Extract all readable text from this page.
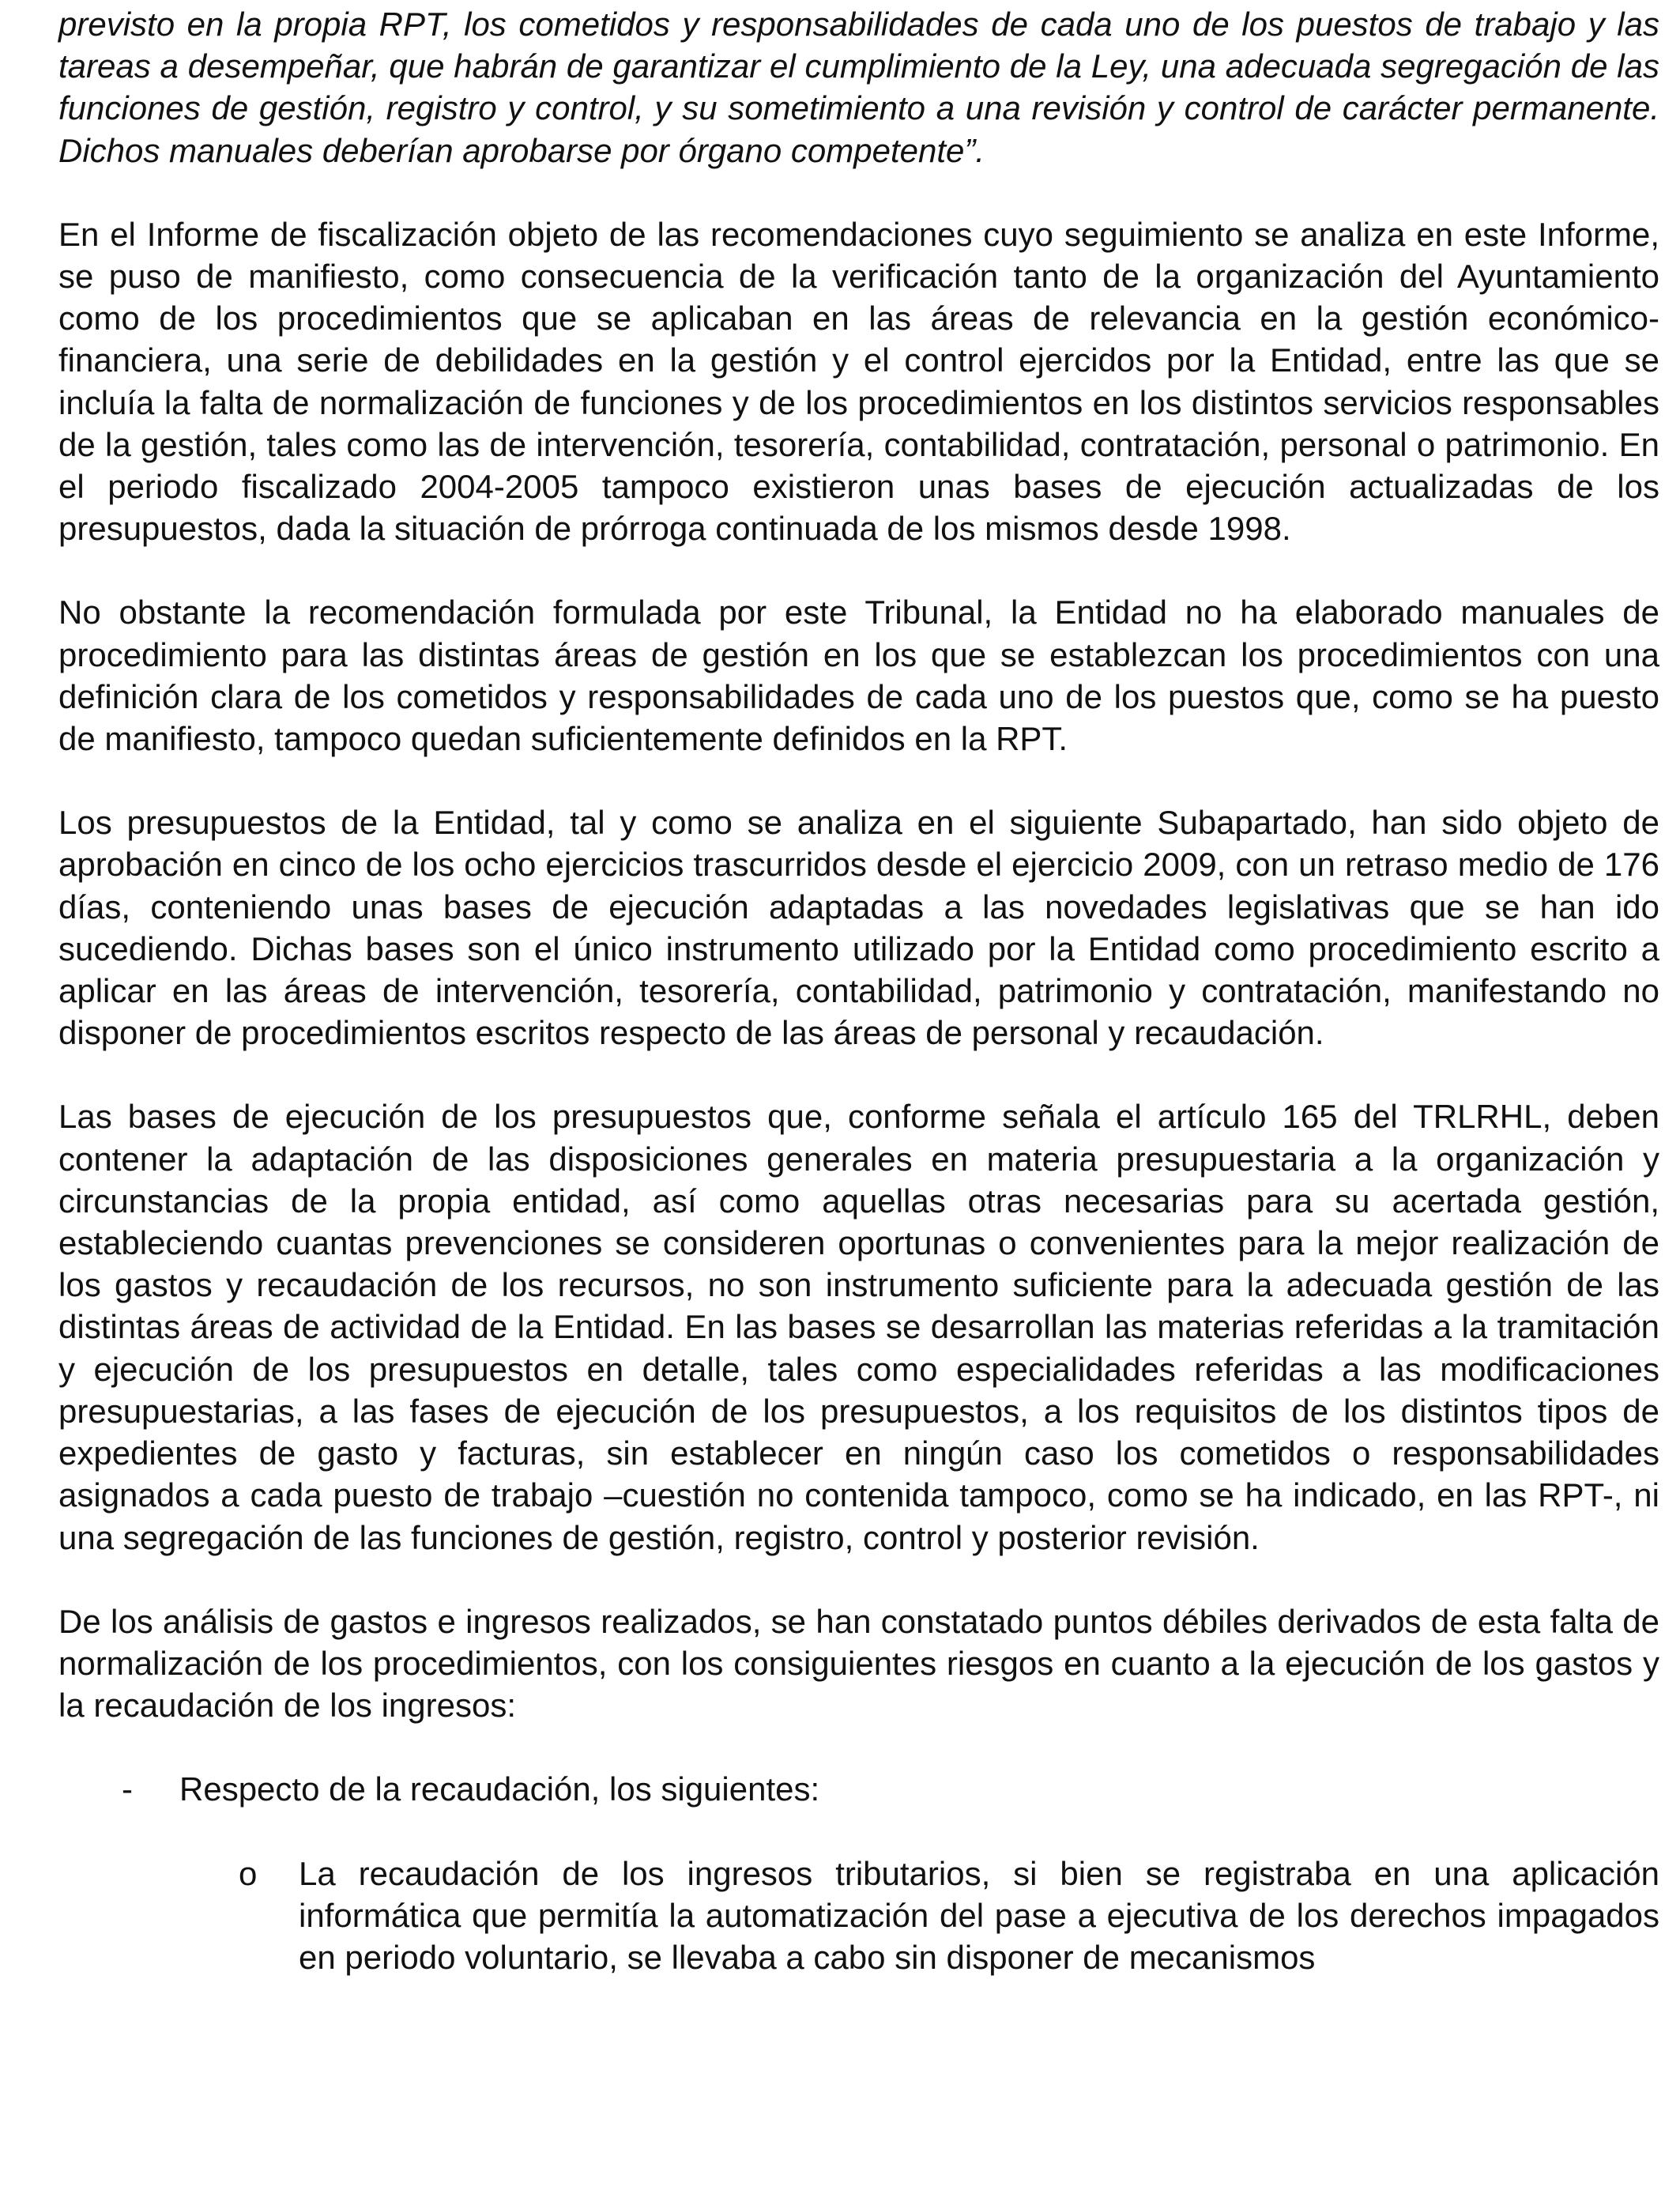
previsto en la propia RPT, los cometidos y responsabilidades de cada uno de los puestos de trabajo y las tareas a desempeñar, que habrán de garantizar el cumplimiento de la Ley, una adecuada segregación de las funciones de gestión, registro y control, y su sometimiento a una revisión y control de carácter permanente. Dichos manuales deberían aprobarse por órgano competente”.

En el Informe de fiscalización objeto de las recomendaciones cuyo seguimiento se analiza en este Informe, se puso de manifiesto, como consecuencia de la verificación tanto de la organización del Ayuntamiento como de los procedimientos que se aplicaban en las áreas de relevancia en la gestión económico-financiera, una serie de debilidades en la gestión y el control ejercidos por la Entidad, entre las que se incluía la falta de normalización de funciones y de los procedimientos en los distintos servicios responsables de la gestión, tales como las de intervención, tesorería, contabilidad, contratación, personal o patrimonio. En el periodo fiscalizado 2004-2005 tampoco existieron unas bases de ejecución actualizadas de los presupuestos, dada la situación de prórroga continuada de los mismos desde 1998.

No obstante la recomendación formulada por este Tribunal, la Entidad no ha elaborado manuales de procedimiento para las distintas áreas de gestión en los que se establezcan los procedimientos con una definición clara de los cometidos y responsabilidades de cada uno de los puestos que, como se ha puesto de manifiesto, tampoco quedan suficientemente definidos en la RPT.

Los presupuestos de la Entidad, tal y como se analiza en el siguiente Subapartado, han sido objeto de aprobación en cinco de los ocho ejercicios trascurridos desde el ejercicio 2009, con un retraso medio de 176 días, conteniendo unas bases de ejecución adaptadas a las novedades legislativas que se han ido sucediendo. Dichas bases son el único instrumento utilizado por la Entidad como procedimiento escrito a aplicar en las áreas de intervención, tesorería, contabilidad, patrimonio y contratación, manifestando no disponer de procedimientos escritos respecto de las áreas de personal y recaudación.

Las bases de ejecución de los presupuestos que, conforme señala el artículo 165 del TRLRHL, deben contener la adaptación de las disposiciones generales en materia presupuestaria a la organización y circunstancias de la propia entidad, así como aquellas otras necesarias para su acertada gestión, estableciendo cuantas prevenciones se consideren oportunas o convenientes para la mejor realización de los gastos y recaudación de los recursos, no son instrumento suficiente para la adecuada gestión de las distintas áreas de actividad de la Entidad. En las bases se desarrollan las materias referidas a la tramitación y ejecución de los presupuestos en detalle, tales como especialidades referidas a las modificaciones presupuestarias, a las fases de ejecución de los presupuestos, a los requisitos de los distintos tipos de expedientes de gasto y facturas, sin establecer en ningún caso los cometidos o responsabilidades asignados a cada puesto de trabajo –cuestión no contenida tampoco, como se ha indicado, en las RPT-, ni una segregación de las funciones de gestión, registro, control y posterior revisión.

De los análisis de gastos e ingresos realizados, se han constatado puntos débiles derivados de esta falta de normalización de los procedimientos, con los consiguientes riesgos en cuanto a la ejecución de los gastos y la recaudación de los ingresos:

- Respecto de la recaudación, los siguientes:
o La recaudación de los ingresos tributarios, si bien se registraba en una aplicación informática que permitía la automatización del pase a ejecutiva de los derechos impagados en periodo voluntario, se llevaba a cabo sin disponer de mecanismos
